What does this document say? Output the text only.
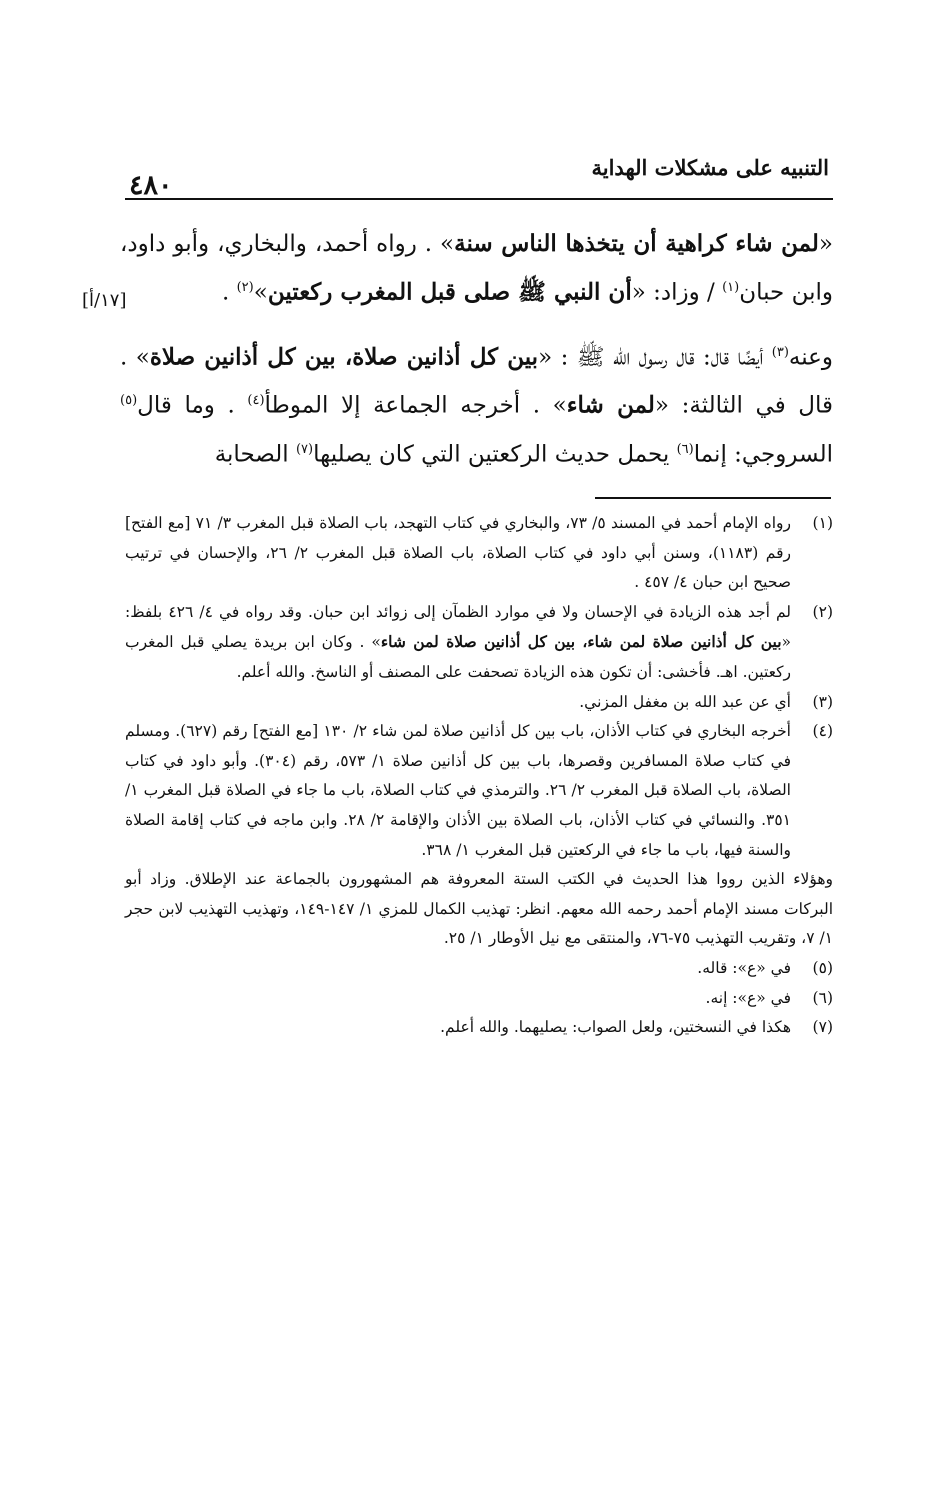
٤٨٠
التنبيه على مشكلات الهداية
[١٧/أ]

«لمن شاء كراهية أن يتخذها الناس سنة» . رواه أحمد، والبخاري، وأبو داود، وابن حبان$^{(١)}$ / وزاد: «أن النبي ﷺ صلى قبل المغرب ركعتين»$^{(٢)}$ .

وعنه$^{(٣)}$ أيضًا قال: قال رسول الله ﷺ : «بين كل أذانين صلاة، بين كل أذانين صلاة» . قال في الثالثة: «لمن شاء» . أخرجه الجماعة إلا الموطأ$^{(٤)}$ . وما قال$^{(٥)}$ السروجي: إنما$^{(٦)}$ يحمل حديث الركعتين التي كان يصليها$^{(٧)}$ الصحابة

(١)
رواه الإمام أحمد في المسند ٥/ ٧٣، والبخاري في كتاب التهجد، باب الصلاة قبل المغرب ٣/ ٧١ [مع الفتح] رقم (١١٨٣)، وسنن أبي داود في كتاب الصلاة، باب الصلاة قبل المغرب ٢/ ٢٦، والإحسان في ترتيب صحيح ابن حبان ٤/ ٤٥٧ .
(٢)
لم أجد هذه الزيادة في الإحسان ولا في موارد الظمآن إلى زوائد ابن حبان. وقد رواه في ٤/ ٤٢٦ بلفظ: «بين كل أذانين صلاة لمن شاء، بين كل أذانين صلاة لمن شاء» . وكان ابن بريدة يصلي قبل المغرب ركعتين. اهـ. فأخشى: أن تكون هذه الزيادة تصحفت على المصنف أو الناسخ. والله أعلم.
(٣)
أي عن عبد الله بن مغفل المزني.
(٤)
أخرجه البخاري في كتاب الأذان، باب بين كل أذانين صلاة لمن شاء ٢/ ١٣٠ [مع الفتح] رقم (٦٢٧). ومسلم في كتاب صلاة المسافرين وقصرها، باب بين كل أذانين صلاة ١/ ٥٧٣، رقم (٣٠٤). وأبو داود في كتاب الصلاة، باب الصلاة قبل المغرب ٢/ ٢٦. والترمذي في كتاب الصلاة، باب ما جاء في الصلاة قبل المغرب ١/ ٣٥١. والنسائي في كتاب الأذان، باب الصلاة بين الأذان والإقامة ٢/ ٢٨. وابن ماجه في كتاب إقامة الصلاة والسنة فيها، باب ما جاء في الركعتين قبل المغرب ١/ ٣٦٨.
وهؤلاء الذين رووا هذا الحديث في الكتب الستة المعروفة هم المشهورون بالجماعة عند الإطلاق. وزاد أبو البركات مسند الإمام أحمد رحمه الله معهم. انظر: تهذيب الكمال للمزي ١/ ١٤٧-١٤٩، وتهذيب التهذيب لابن حجر ١/ ٧، وتقريب التهذيب ٧٥-٧٦، والمنتقى مع نيل الأوطار ١/ ٢٥.
(٥)
في «ع»: قاله.
(٦)
في «ع»: إنه.
(٧)
هكذا في النسختين، ولعل الصواب: يصليهما. والله أعلم.
